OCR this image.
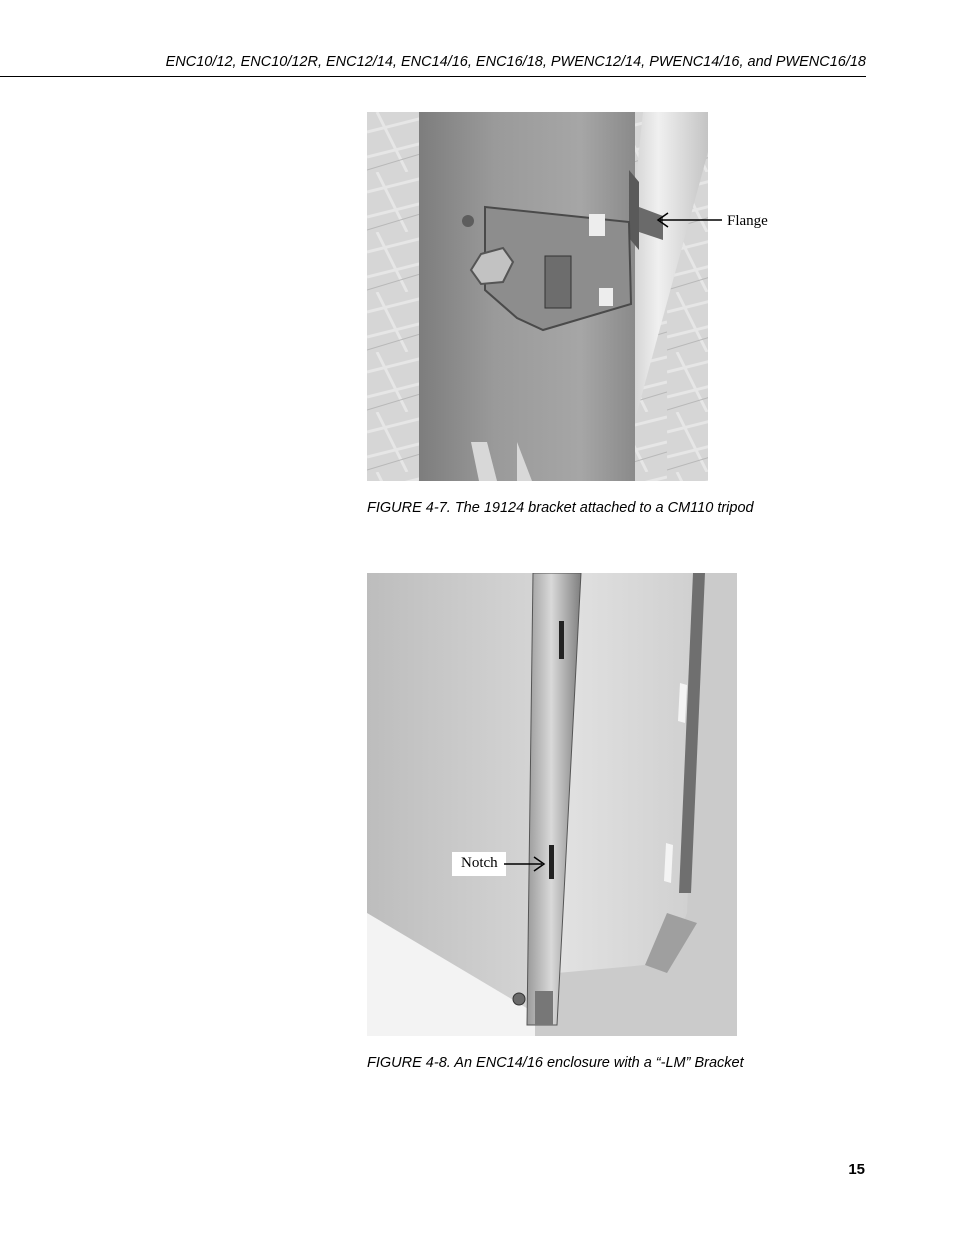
ENC10/12, ENC10/12R, ENC12/14, ENC14/16, ENC16/18, PWENC12/14, PWENC14/16, and PWENC16/18
Flange
FIGURE 4-7. The 19124 bracket attached to a CM110 tripod
Notch
FIGURE 4-8. An ENC14/16 enclosure with a “-LM” Bracket
15
